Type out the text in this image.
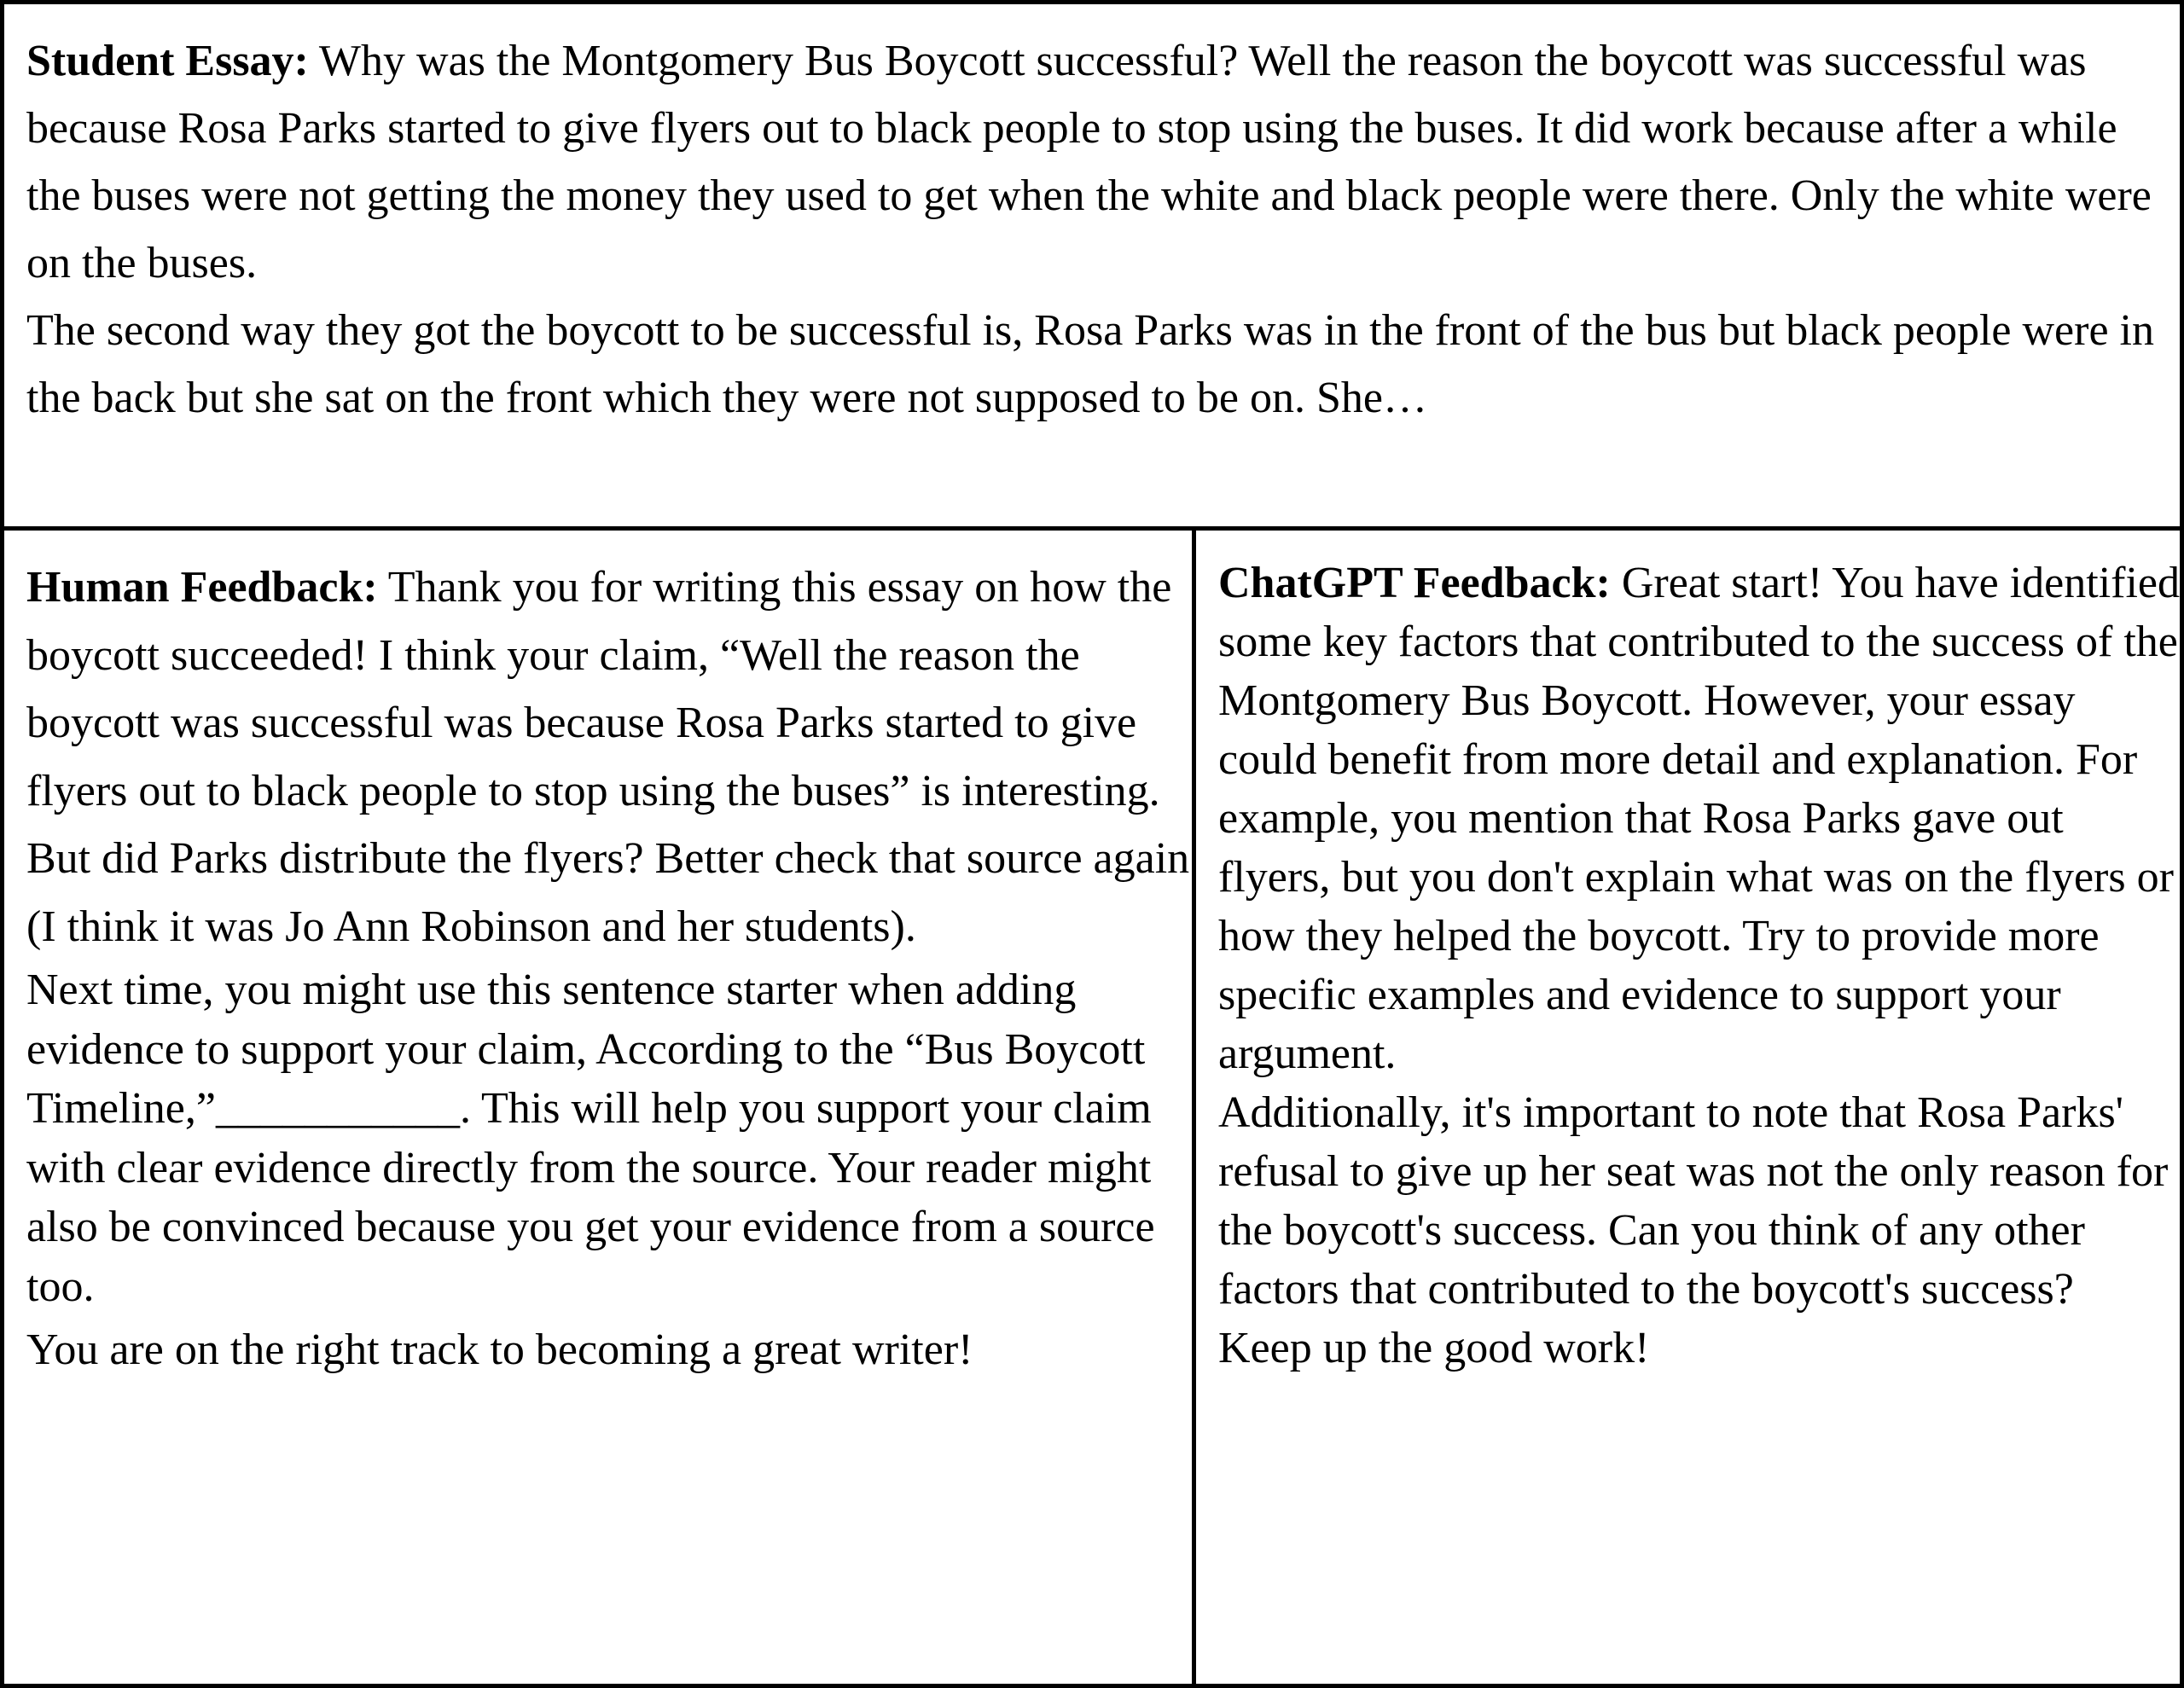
Student Essay: Why was the Montgomery Bus Boycott successful? Well the reason the boycott was successful was because Rosa Parks started to give flyers out to black people to stop using the buses. It did work because after a while the buses were not getting the money they used to get when the white and black people were there. Only the white were on the buses.

The second way they got the boycott to be successful is, Rosa Parks was in the front of the bus but black people were in the back but she sat on the front which they were not supposed to be on. She…

Human Feedback: Thank you for writing this essay on how the boycott succeeded! I think your claim, “Well the reason the boycott was successful was because Rosa Parks started to give flyers out to black people to stop using the buses” is interesting. But did Parks distribute the flyers? Better check that source again (I think it was Jo Ann Robinson and her students).

Next time, you might use this sentence starter when adding evidence to support your claim, According to the “Bus Boycott Timeline,”___________. This will help you support your claim with clear evidence directly from the source. Your reader might also be convinced because you get your evidence from a source too.

You are on the right track to becoming a great writer!

ChatGPT Feedback: Great start! You have identified some key factors that contributed to the success of the Montgomery Bus Boycott. However, your essay could benefit from more detail and explanation. For example, you mention that Rosa Parks gave out flyers, but you don't explain what was on the flyers or how they helped the boycott. Try to provide more specific examples and evidence to support your argument.

Additionally, it's important to note that Rosa Parks' refusal to give up her seat was not the only reason for the boycott's success. Can you think of any other factors that contributed to the boycott's success?

Keep up the good work!
